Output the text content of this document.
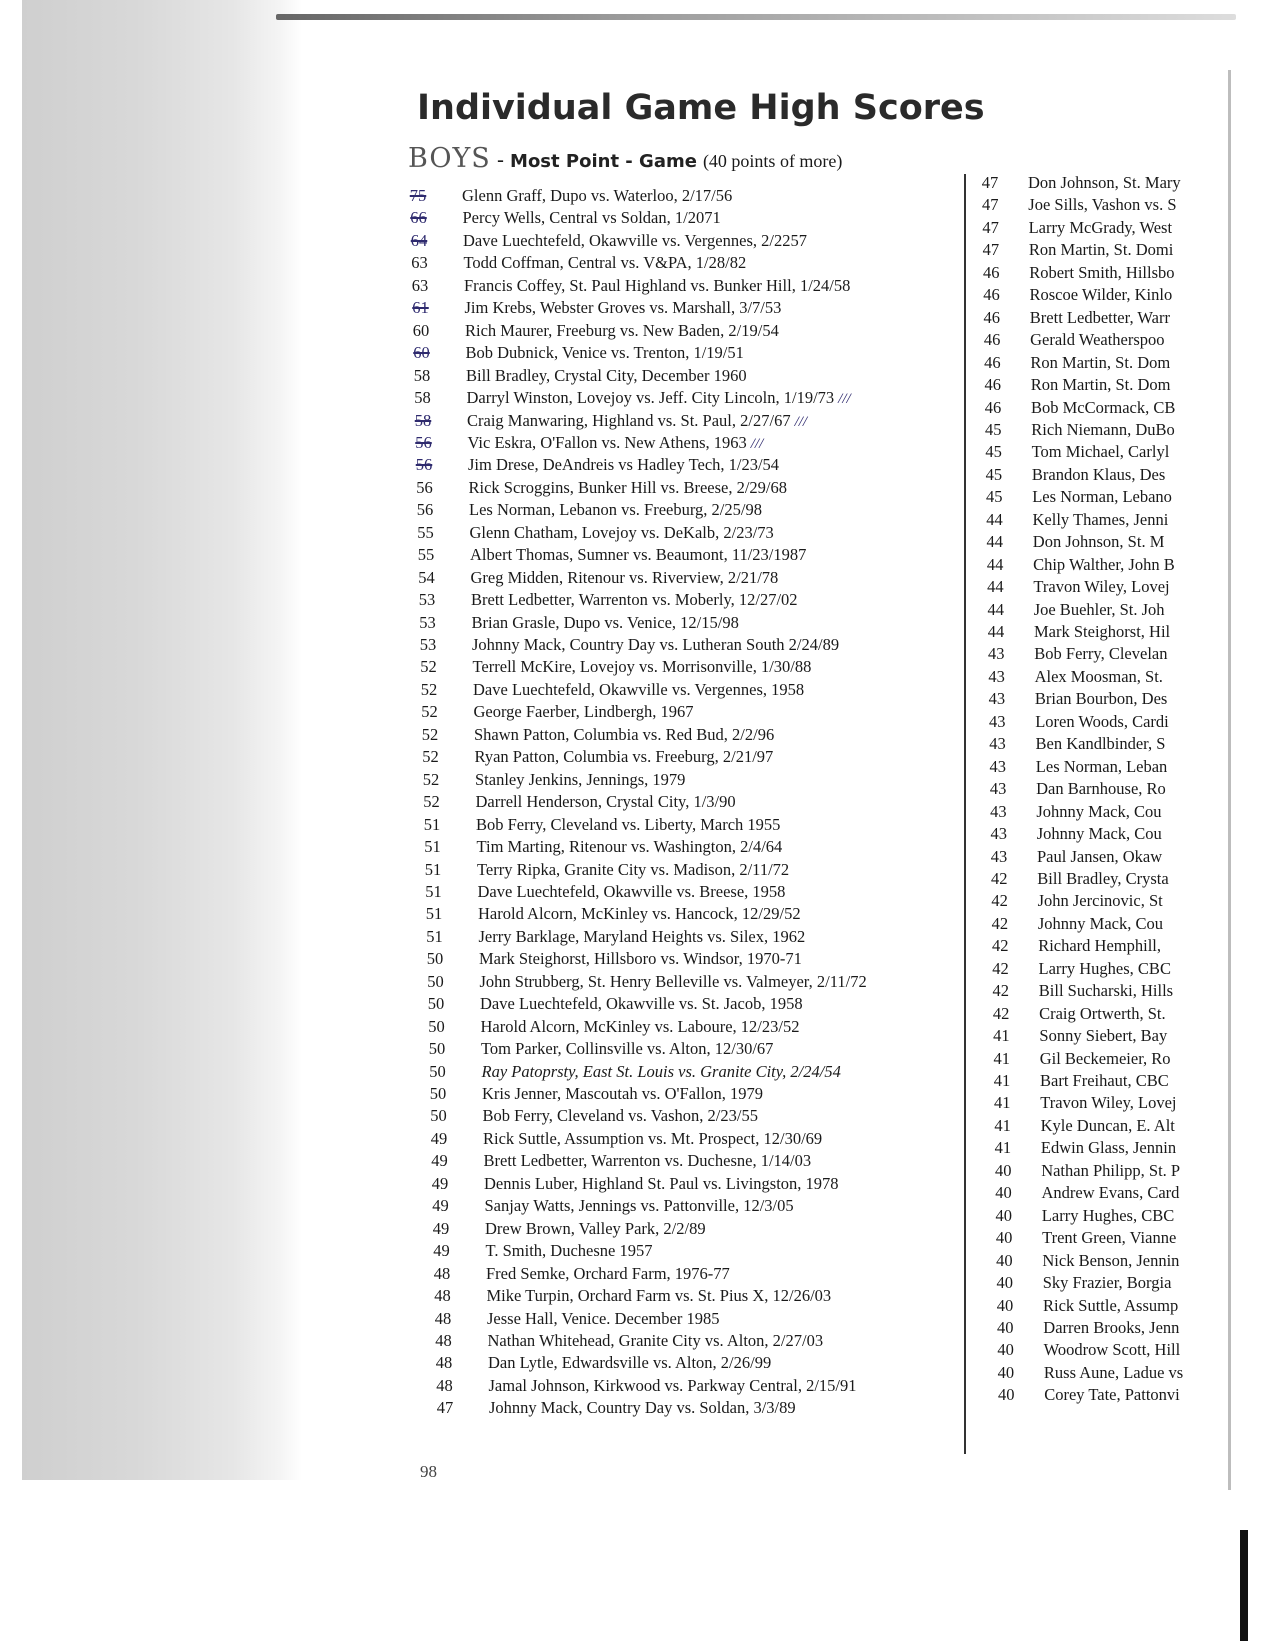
Individual Game High Scores
BOYS - Most Point - Game (40 points of more)
75	Glenn Graff, Dupo vs. Waterloo, 2/17/56
66	Percy Wells, Central vs Soldan, 1/2071
64	Dave Luechtefeld, Okawville vs. Vergennes, 2/2257
63	Todd Coffman, Central vs. V&PA, 1/28/82
63	Francis Coffey, St. Paul Highland vs. Bunker Hill, 1/24/58
61	Jim Krebs, Webster Groves vs. Marshall, 3/7/53
60	Rich Maurer, Freeburg vs. New Baden, 2/19/54
60	Bob Dubnick, Venice vs. Trenton, 1/19/51
58	Bill Bradley, Crystal City, December 1960
58	Darryl Winston, Lovejoy vs. Jeff. City Lincoln, 1/19/73 ///
58	Craig Manwaring, Highland vs. St. Paul, 2/27/67 ///
56	Vic Eskra, O'Fallon vs. New Athens, 1963 ///
56	Jim Drese, DeAndreis vs Hadley Tech, 1/23/54
56	Rick Scroggins, Bunker Hill vs. Breese, 2/29/68
56	Les Norman, Lebanon vs. Freeburg, 2/25/98
55	Glenn Chatham, Lovejoy vs. DeKalb, 2/23/73
55	Albert Thomas, Sumner vs. Beaumont, 11/23/1987
54	Greg Midden, Ritenour vs. Riverview, 2/21/78
53	Brett Ledbetter, Warrenton vs. Moberly, 12/27/02
53	Brian Grasle, Dupo vs. Venice, 12/15/98
53	Johnny Mack, Country Day vs. Lutheran South 2/24/89
52	Terrell McKire, Lovejoy vs. Morrisonville, 1/30/88
52	Dave Luechtefeld, Okawville vs. Vergennes, 1958
52	George Faerber, Lindbergh, 1967
52	Shawn Patton, Columbia vs. Red Bud, 2/2/96
52	Ryan Patton, Columbia vs. Freeburg, 2/21/97
52	Stanley Jenkins, Jennings, 1979
52	Darrell Henderson, Crystal City, 1/3/90
51	Bob Ferry, Cleveland vs. Liberty, March 1955
51	Tim Marting, Ritenour vs. Washington, 2/4/64
51	Terry Ripka, Granite City vs. Madison, 2/11/72
51	Dave Luechtefeld, Okawville vs. Breese, 1958
51	Harold Alcorn, McKinley vs. Hancock, 12/29/52
51	Jerry Barklage, Maryland Heights vs. Silex, 1962
50	Mark Steighorst, Hillsboro vs. Windsor, 1970-71
50	John Strubberg, St. Henry Belleville vs. Valmeyer, 2/11/72
50	Dave Luechtefeld, Okawville vs. St. Jacob, 1958
50	Harold Alcorn, McKinley vs. Laboure, 12/23/52
50	Tom Parker, Collinsville vs. Alton, 12/30/67
50	Ray Patoprsty, East St. Louis vs. Granite City, 2/24/54
50	Kris Jenner, Mascoutah vs. O'Fallon, 1979
50	Bob Ferry, Cleveland vs. Vashon, 2/23/55
49	Rick Suttle, Assumption vs. Mt. Prospect, 12/30/69
49	Brett Ledbetter, Warrenton vs. Duchesne, 1/14/03
49	Dennis Luber, Highland St. Paul vs. Livingston, 1978
49	Sanjay Watts, Jennings vs. Pattonville, 12/3/05
49	Drew Brown, Valley Park, 2/2/89
49	T. Smith, Duchesne 1957
48	Fred Semke, Orchard Farm, 1976-77
48	Mike Turpin, Orchard Farm vs. St. Pius X, 12/26/03
48	Jesse Hall, Venice. December 1985
48	Nathan Whitehead, Granite City vs. Alton, 2/27/03
48	Dan Lytle, Edwardsville vs. Alton, 2/26/99
48	Jamal Johnson, Kirkwood vs. Parkway Central, 2/15/91
47	Johnny Mack, Country Day vs. Soldan, 3/3/89
47	Don Johnson, St. Mary
47	Joe Sills, Vashon vs. S
47	Larry McGrady, West
47	Ron Martin, St. Domi
46	Robert Smith, Hillsbo
46	Roscoe Wilder, Kinlo
46	Brett Ledbetter, Warr
46	Gerald Weatherspoo
46	Ron Martin, St. Dom
46	Ron Martin, St. Dom
46	Bob McCormack, CB
45	Rich Niemann, DuBo
45	Tom Michael, Carlyl
45	Brandon Klaus, Des
45	Les Norman, Lebano
44	Kelly Thames, Jenni
44	Don Johnson, St. M
44	Chip Walther, John B
44	Travon Wiley, Lovej
44	Joe Buehler, St. Joh
44	Mark Steighorst, Hil
43	Bob Ferry, Clevelan
43	Alex Moosman, St.
43	Brian Bourbon, Des
43	Loren Woods, Cardi
43	Ben Kandlbinder, S
43	Les Norman, Leban
43	Dan Barnhouse, Ro
43	Johnny Mack, Cou
43	Johnny Mack, Cou
43	Paul Jansen, Okaw
42	Bill Bradley, Crysta
42	John Jercinovic, St
42	Johnny Mack, Cou
42	Richard Hemphill,
42	Larry Hughes, CBC
42	Bill Sucharski, Hills
42	Craig Ortwerth, St.
41	Sonny Siebert, Bay
41	Gil Beckemeier, Ro
41	Bart Freihaut, CBC
41	Travon Wiley, Lovej
41	Kyle Duncan, E. Alt
41	Edwin Glass, Jennin
40	Nathan Philipp, St. P
40	Andrew Evans, Card
40	Larry Hughes, CBC
40	Trent Green, Vianne
40	Nick Benson, Jennin
40	Sky Frazier, Borgia
40	Rick Suttle, Assump
40	Darren Brooks, Jenn
40	Woodrow Scott, Hill
40	Russ Aune, Ladue vs
40	Corey Tate, Pattonvi
98
